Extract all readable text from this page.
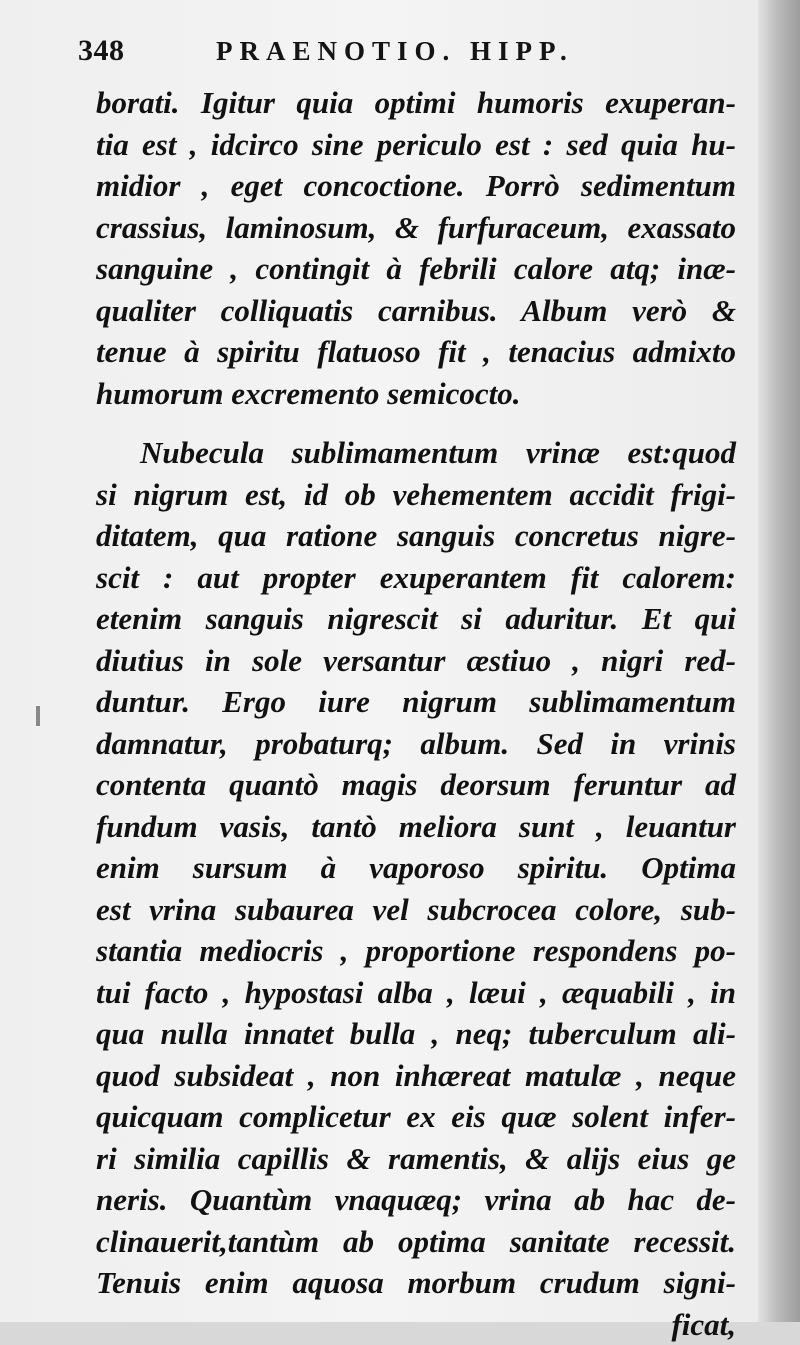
348	PRAENOTIO. HIPP.
borati. Igitur quia optimi humoris exuperan-
tia est , idcirco sine periculo est : sed quia hu-
midior , eget concoctione. Porrò sedimentum
crassius, laminosum, & furfuraceum, exassato
sanguine , contingit à febrili calore atq; inæ-
qualiter colliquatis carnibus. Album verò &
tenue à spiritu flatuoso fit , tenacius admixto
humorum excremento semicocto.
Nubecula sublimamentum vrinæ est:quod
si nigrum est, id ob vehementem accidit frigi-
ditatem, qua ratione sanguis concretus nigre-
scit : aut propter exuperantem fit calorem:
etenim sanguis nigrescit si aduritur. Et qui
diutius in sole versantur æstiuo , nigri red-
duntur. Ergo iure nigrum sublimamentum
damnatur, probaturq; album. Sed in vrinis
contenta quantò magis deorsum feruntur ad
fundum vasis, tantò meliora sunt , leuantur
enim sursum à vaporoso spiritu. Optima
est vrina subaurea vel subcrocea colore, sub-
stantia mediocris , proportione respondens po-
tui facto , hypostasi alba , læui , æquabili , in
qua nulla innatet bulla , neq; tuberculum ali-
quod subsideat , non inhæreat matulæ , neque
quicquam complicetur ex eis quæ solent infer-
ri similia capillis & ramentis, & alijs eius ge
neris. Quantùm vnaquæq; vrina ab hac de-
clinauerit,tantùm ab optima sanitate recessit.
Tenuis enim aquosa morbum crudum signi-
ficat,
